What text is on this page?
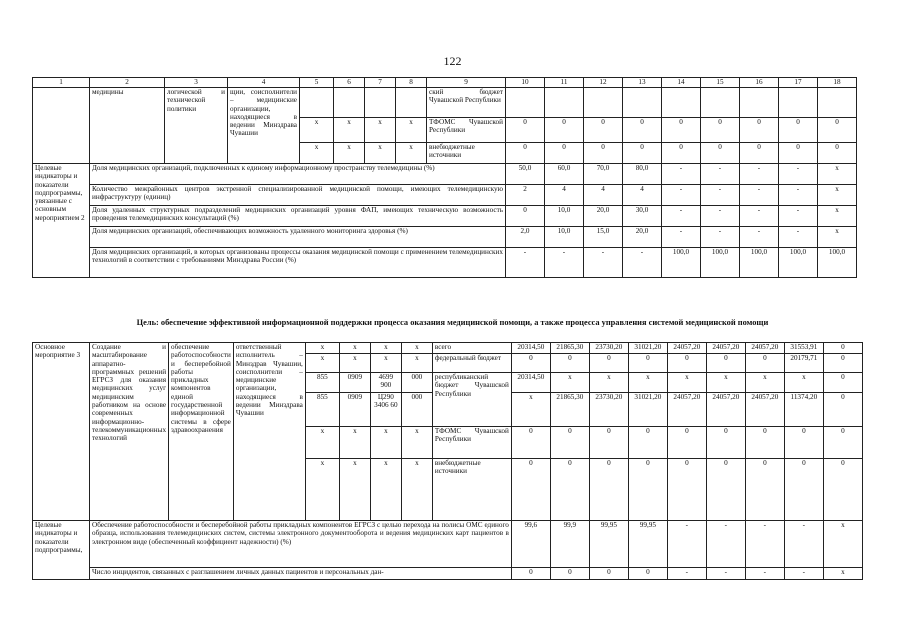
122
1	2	3	4	5	6	7	8	9	10	11	12	13	14	15	16	17	18
	медицины	логической и технической политики	щии, соисполнители – медицинские организации, находящиеся в ведении Минздрава Чувашии					ский бюджет Чувашской Республики									
				x	x	x	x	ТФОМС Чувашской Республики	0	0	0	0	0	0	0	0	0
				x	x	x	x	внебюджетные источники	0	0	0	0	0	0	0	0	0
Целевые индикаторы и показатели подпрограммы, увязанные с основным мероприятием 2	Доля медицинских организаций, подключенных к единому информационному пространству телемедицины (%)								50,0	60,0	70,0	80,0	-	-	-	-	x
	Количество межрайонных центров экстренной специализированной медицинской помощи, имеющих телемедицинскую инфраструктуру (единиц)								2	4	4	4	-	-	-	-	x
	Доля удаленных структурных подразделений медицинских организаций уровня ФАП, имеющих техническую возможность проведения телемедицинских консультаций (%)								0	10,0	20,0	30,0	-	-	-	-	x
	Доля медицинских организаций, обеспечивающих возможность удаленного мониторинга здоровья (%)								2,0	10,0	15,0	20,0	-	-	-	-	x
	Доля медицинских организаций, в которых организованы процессы оказания медицинской помощи с применением телемедицинских технологий в соответствии с требованиями Минздрава России (%)								-	-	-	-	100,0	100,0	100,0	100,0	100,0
Цель: обеспечение эффективной информационной поддержки процесса оказания медицинской помощи, а также процесса управления системой медицинской помощи
Основное мероприятие 3	Создание и масштабирование аппаратно-программных решений ЕГРСЗ для оказания медицинских услуг медицинским работником на основе современных информационно-телекоммуникационных технологий	обеспечение работоспособности и бесперебойной работы прикладных компонентов единой государственной информационной системы в сфере здравоохранения	ответственный исполнитель – Минздрав Чувашии, соисполнители – медицинские организации, находящиеся в ведении Минздрава Чувашии	x	x	x	x	всего	20314,50	21865,30	23730,20	31021,20	24057,20	24057,20	24057,20	31553,91	0
				x	x	x	x	федеральный бюджет	0	0	0	0	0	0	0	20179,71	0
				855	0909	4699 900	000	республиканский бюджет Чувашской Республики	20314,50	x	x	x	x	x	x	x	0
				855	0909	Ц290 3406 60	000		x	21865,30	23730,20	31021,20	24057,20	24057,20	24057,20	11374,20	0
				x	x	x	x	ТФОМС Чувашской Республики	0	0	0	0	0	0	0	0	0
				x	x	x	x	внебюджетные источники	0	0	0	0	0	0	0	0	0
Целевые индикаторы и показатели подпрограммы,	Обеспечение работоспособности и бесперебойной работы прикладных компонентов ЕГРСЗ с целью перехода на полисы ОМС единого образца, использования телемедицинских систем, системы электронного документооборота и ведения медицинских карт пациентов в электронном виде (обеспеченный коэффициент надежности) (%)								99,6	99,9	99,95	99,95	-	-	-	-	x
	Число инцидентов, связанных с разглашением личных данных пациентов и персональных дан-								0	0	0	0	-	-	-	-	x
